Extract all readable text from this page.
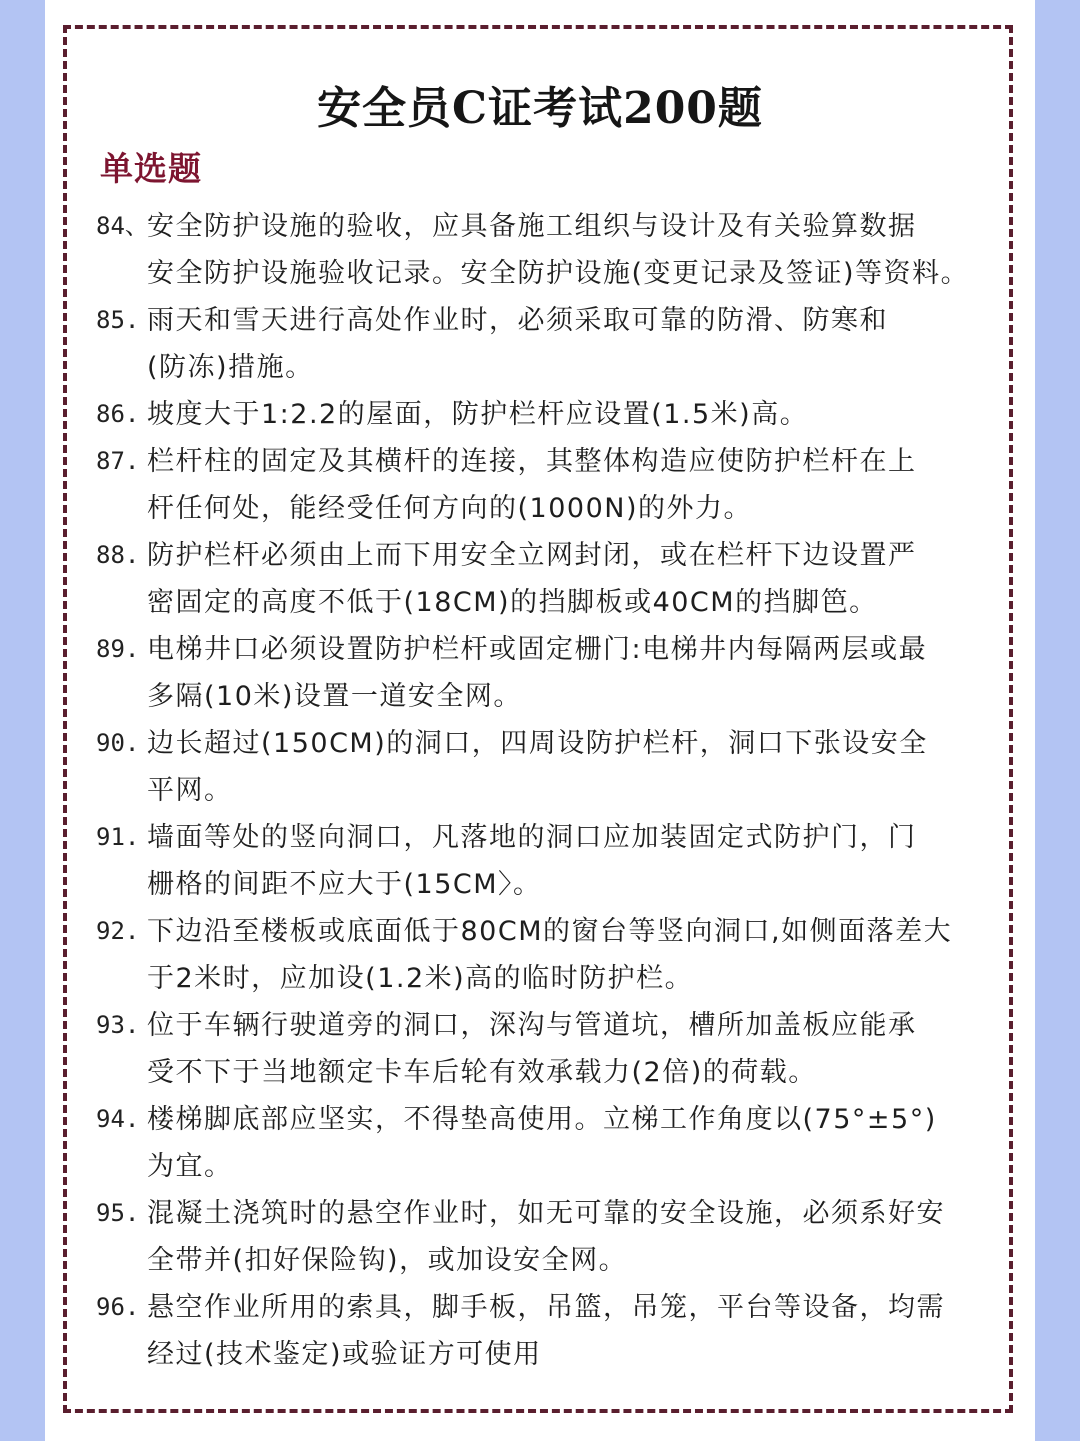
安全员C证考试200题
单选题
84、
安全防护设施的验收，应具备施工组织与设计及有关验算数据
安全防护设施验收记录。安全防护设施(变更记录及签证)等资料。
85. 雨天和雪天进行高处作业时，必须采取可靠的防滑、防寒和
(防冻)措施。
86. 坡度大于1:2.2的屋面，防护栏杆应设置(1.5米)高。
87. 栏杆柱的固定及其横杆的连接，其整体构造应使防护栏杆在上
杆任何处，能经受任何方向的(1000N)的外力。
88. 防护栏杆必须由上而下用安全立网封闭，或在栏杆下边设置严
密固定的高度不低于(18CM)的挡脚板或40CM的挡脚笆。
89. 电梯井口必须设置防护栏杆或固定栅门:电梯井内每隔两层或最
多隔(10米)设置一道安全网。
90. 边长超过(150CM)的洞口，四周设防护栏杆，洞口下张设安全
平网。
91. 墙面等处的竖向洞口，凡落地的洞口应加装固定式防护门，门
栅格的间距不应大于(15CM〉。
92. 下边沿至楼板或底面低于80CM的窗台等竖向洞口,如侧面落差大
于2米时，应加设(1.2米)高的临时防护栏。
93. 位于车辆行驶道旁的洞口，深沟与管道坑，槽所加盖板应能承
受不下于当地额定卡车后轮有效承载力(2倍)的荷载。
94. 楼梯脚底部应坚实，不得垫高使用。立梯工作角度以(75°±5°)
为宜。
95. 混凝土浇筑时的悬空作业时，如无可靠的安全设施，必须系好安
全带并(扣好保险钩)，或加设安全网。
96. 悬空作业所用的索具，脚手板，吊篮，吊笼，平台等设备，均需
经过(技术鉴定)或验证方可使用
